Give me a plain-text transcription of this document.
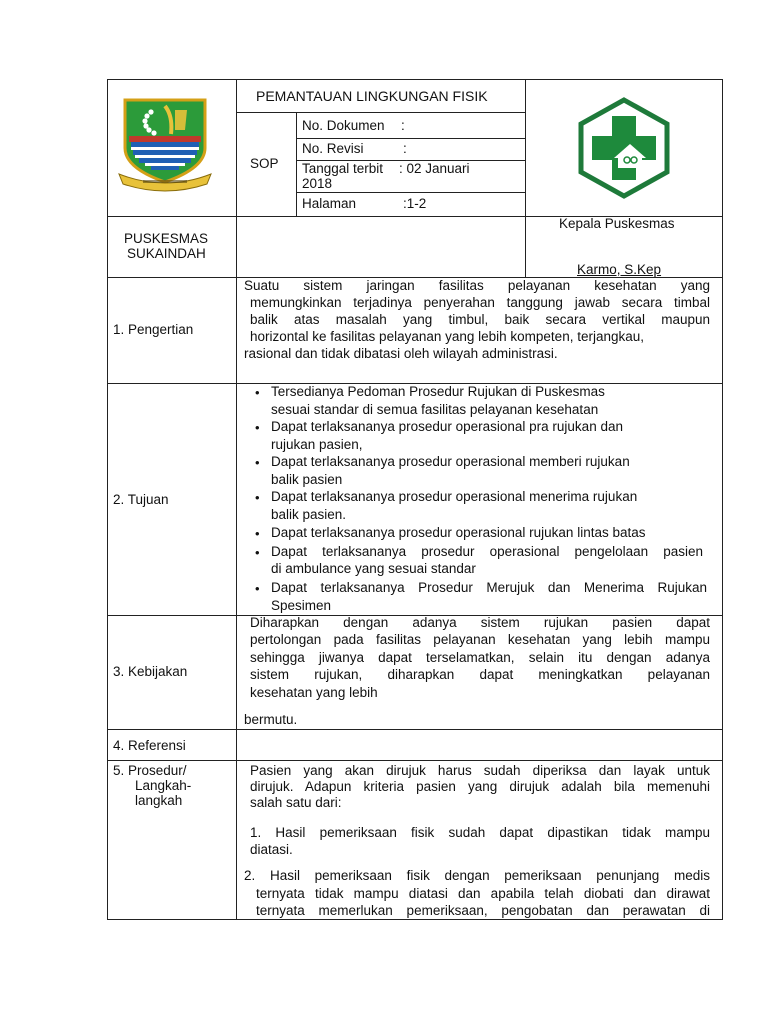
PEMANTAUAN LINGKUNGAN FISIK
SOP
No. Dokumen :
No. Revisi	:
Tanggal terbit : 02 Januari
2018
Halaman	:1-2
PUSKESMAS
SUKAINDAH
Kepala Puskesmas
Karmo, S.Kep
1. Pengertian
Suatu sistem jaringan fasilitas pelayanan kesehatan yang
memungkinkan terjadinya penyerahan tanggung jawab secara timbal
balik atas masalah yang timbul, baik secara vertikal maupun
horizontal ke fasilitas pelayanan yang lebih kompeten, terjangkau,
rasional dan tidak dibatasi oleh wilayah administrasi.
2. Tujuan
• Tersedianya Pedoman Prosedur Rujukan di Puskesmas
sesuai standar di semua fasilitas pelayanan kesehatan
• Dapat terlaksananya prosedur operasional pra rujukan dan
rujukan pasien,
• Dapat terlaksananya prosedur operasional memberi rujukan
balik pasien
• Dapat terlaksananya prosedur operasional menerima rujukan
balik pasien.
• Dapat terlaksananya prosedur operasional rujukan lintas batas
• Dapat terlaksananya prosedur operasional pengelolaan pasien
di ambulance yang sesuai standar
• Dapat terlaksananya Prosedur Merujuk dan Menerima Rujukan
Spesimen
3. Kebijakan
Diharapkan dengan adanya sistem rujukan pasien dapat
pertolongan pada fasilitas pelayanan kesehatan yang lebih mampu
sehingga jiwanya dapat terselamatkan, selain itu dengan adanya
sistem rujukan, diharapkan dapat meningkatkan pelayanan
kesehatan yang lebih
bermutu.
4. Referensi
5. Prosedur/
Langkah-
langkah
Pasien yang akan dirujuk harus sudah diperiksa dan layak untuk
dirujuk. Adapun kriteria pasien yang dirujuk adalah bila memenuhi
salah satu dari:
1. Hasil pemeriksaan fisik sudah dapat dipastikan tidak mampu
diatasi.
2. Hasil pemeriksaan fisik dengan pemeriksaan penunjang medis
ternyata tidak mampu diatasi dan apabila telah diobati dan dirawat
ternyata memerlukan pemeriksaan, pengobatan dan perawatan di
